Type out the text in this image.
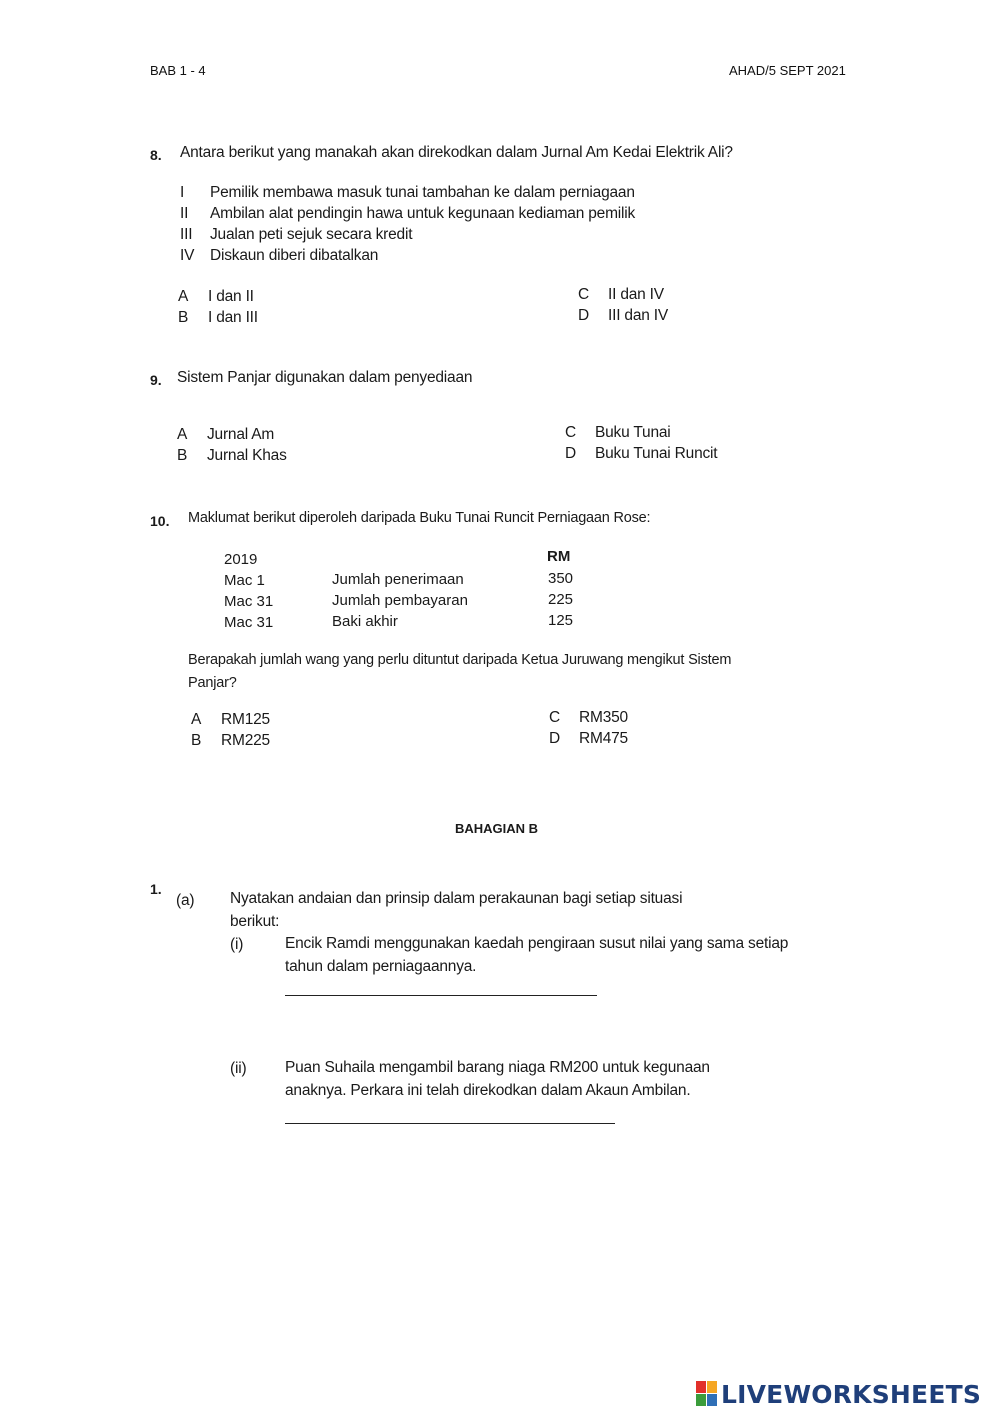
BAB 1 - 4	AHAD/5 SEPT 2021
8. Antara berikut yang manakah akan direkodkan dalam Jurnal Am Kedai Elektrik Ali?
I Pemilik membawa masuk tunai tambahan ke dalam perniagaan
II Ambilan alat pendingin hawa untuk kegunaan kediaman pemilik
III Jualan peti sejuk secara kredit
IV Diskaun diberi dibatalkan
A I dan II
B I dan III
C II dan IV
D III dan IV
9. Sistem Panjar digunakan dalam penyediaan
A Jurnal Am
B Jurnal Khas
C Buku Tunai
D Buku Tunai Runcit
10. Maklumat berikut diperoleh daripada Buku Tunai Runcit Perniagaan Rose:
2019	RM
Mac 1	Jumlah penerimaan	350
Mac 31	Jumlah pembayaran	225
Mac 31	Baki akhir	125
Berapakah jumlah wang yang perlu dituntut daripada Ketua Juruwang mengikut Sistem
Panjar?
A RM125
B RM225
C RM350
D RM475
BAHAGIAN B
1.
(a) Nyatakan andaian dan prinsip dalam perakaunan bagi setiap situasi
berikut:
(i)	Encik Ramdi menggunakan kaedah pengiraan susut nilai yang sama setiap
tahun dalam perniagaannya.
(ii) Puan Suhaila mengambil barang niaga RM200 untuk kegunaan
anaknya. Perkara ini telah direkodkan dalam Akaun Ambilan.
LIVEWORKSHEETS
